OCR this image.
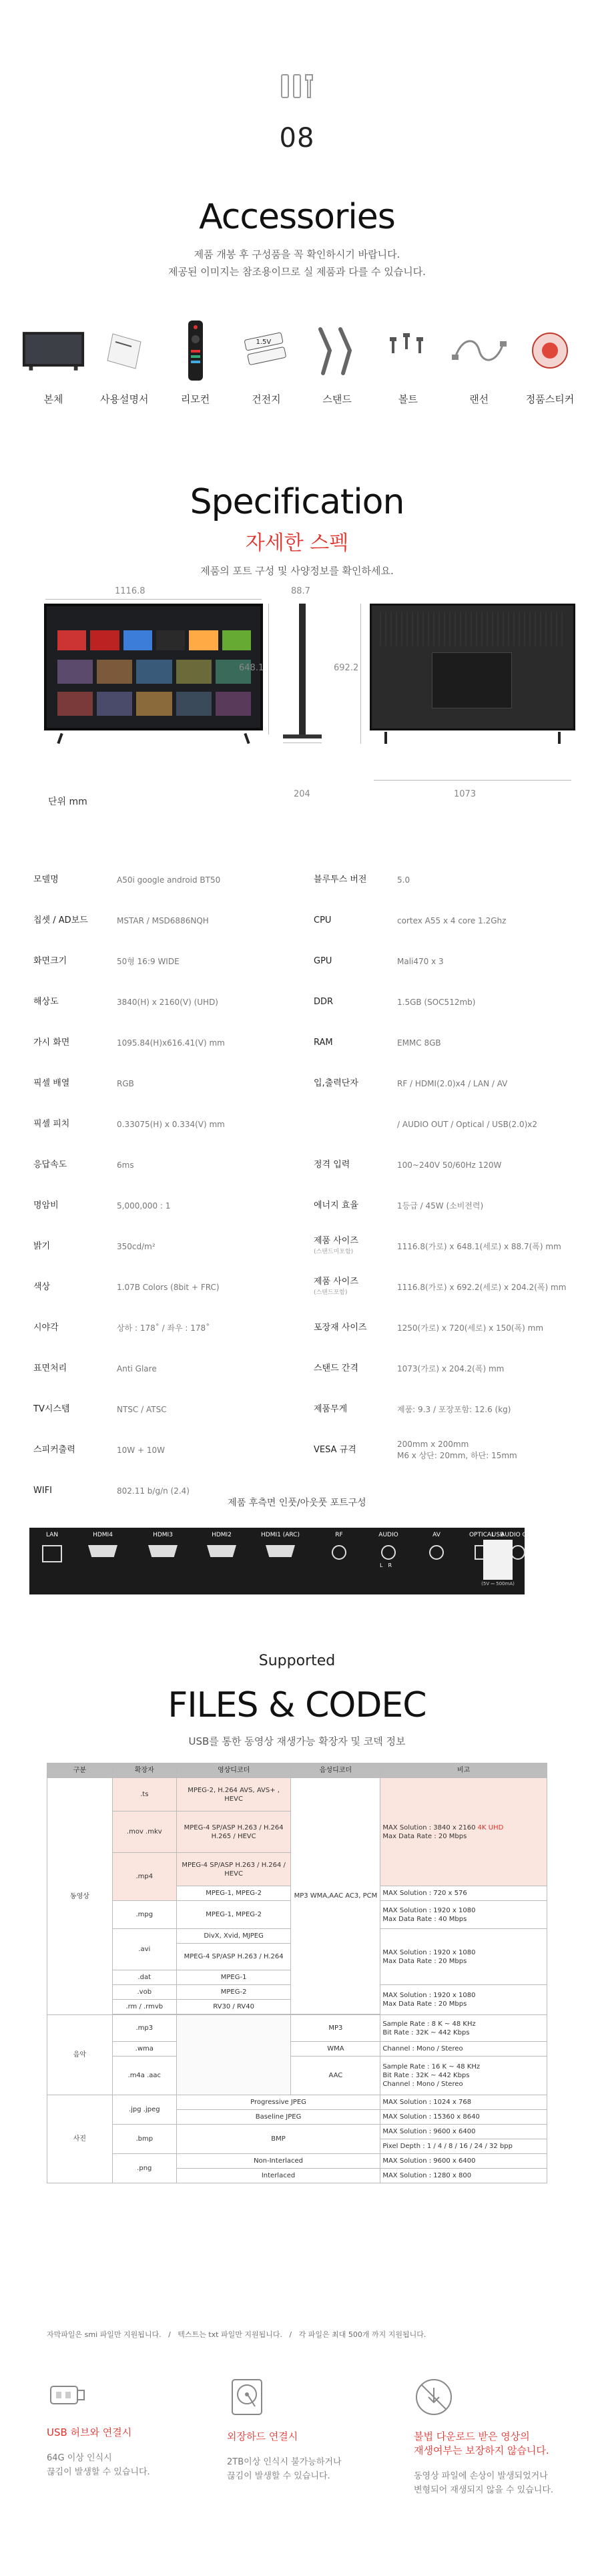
08
Accessories
제품 개봉 후 구성품을 꼭 확인하시기 바랍니다.
제공된 이미지는 참조용이므로 실 제품과 다를 수 있습니다.
본체	사용설명서	리모컨
1.5V
건전지	스탠드	볼트	랜선	정품스티커
Specification
자세한 스펙
제품의 포트 구성 및 사양정보를 확인하세요.
1116.8
648.1
단위 mm
88.7
204
692.2
1073
모델명	A50i google android BT50
칩셋 / AD보드	MSTAR / MSD6886NQH
화면크기	50형 16:9 WIDE
해상도	3840(H) x 2160(V) (UHD)
가시 화면	1095.84(H)x616.41(V) mm
픽셀 배열	RGB
픽셀 피치	0.33075(H) x 0.334(V) mm
응답속도	6ms
명암비	5,000,000 : 1
밝기	350cd/m²
색상	1.07B Colors (8bit + FRC)
시야각	상하 : 178˚ / 좌우 : 178˚
표면처리	Anti Glare
TV시스템	NTSC / ATSC
스피커출력	10W + 10W
WIFI	802.11 b/g/n (2.4)
블루투스 버전	5.0
CPU	cortex A55 x 4 core 1.2Ghz
GPU	Mali470 x 3
DDR	1.5GB (SOC512mb)
RAM	EMMC 8GB
입,출력단자	RF / HDMI(2.0)x4 / LAN / AV
/ AUDIO OUT / Optical / USB(2.0)x2
정격 입력	100~240V 50/60Hz 120W
에너지 효율	1등급 / 45W (소비전력)
제품 사이즈
(스탠드미포함)
1116.8(가로) x 648.1(세로) x 88.7(폭) mm
제품 사이즈
(스탠드포함)
1116.8(가로) x 692.2(세로) x 204.2(폭) mm
포장재 사이즈	1250(가로) x 720(세로) x 150(폭) mm
스탠드 간격	1073(가로) x 204.2(폭) mm
제품무게	제품: 9.3 / 포장포함: 12.6 (kg)
VESA 규격
200mm x 200mm
M6 x 상단: 20mm, 하단: 15mm
제품 후측면 인풋/아웃풋 포트구성
LAN	HDMI4	HDMI3	HDMI2	HDMI1 (ARC)	RF	AUDIO
LR
AV	OPTICAL	AUDIO OUT
USB
(5V ⎓ 500mA)
Supported
FILES & CODEC
USB를 통한 동영상 재생가능 확장자 및 코덱 정보
구분	확장자	영상디코더	음성디코더	비고
동영상	.ts	MPEG-2, H.264 AVS, AVS+ , HEVC	MP3 WMA,AAC AC3, PCM	MAX Solution : 3840 x 2160 4K UHD
Max Data Rate : 20 Mbps

	.mov .mkv	MPEG-4 SP/ASP H.263 / H.264 H.265 / HEVC		
	.mp4	MPEG-4 SP/ASP H.263 / H.264 / HEVC		
		MPEG-1, MPEG-2		MAX Solution : 720 x 576
	.mpg	MPEG-1, MPEG-2		MAX Solution : 1920 x 1080
Max Data Rate : 40 Mbps

	.avi	DivX, Xvid, MJPEG		MAX Solution : 1920 x 1080
Max Data Rate : 20 Mbps

		MPEG-4 SP/ASP H.263 / H.264		
	.dat	MPEG-1		
	.vob	MPEG-2		MAX Solution : 1920 x 1080
Max Data Rate : 20 Mbps

	.rm / .rmvb	RV30 / RV40		

음악	.mp3		MP3	Sample Rate : 8 K ~ 48 KHz
Bit Rate : 32K ~ 442 Kbps

	.wma		WMA	Channel : Mono / Stereo
	.m4a .aac		AAC	Sample Rate : 16 K ~ 48 KHz
Bit Rate : 32K ~ 442 Kbps
Channel : Mono / Stereo

사진	.jpg .jpeg	Progressive JPEG		MAX Solution : 1024 x 768
		Baseline JPEG		MAX Solution : 15360 x 8640
	.bmp	BMP		MAX Solution : 9600 x 6400
				Pixel Depth : 1 / 4 / 8 / 16 / 24 / 32 bpp
	.png	Non-Interlaced		MAX Solution : 9600 x 6400
		Interlaced		MAX Solution : 1280 x 800
자막파일은 smi 파일만 지원됩니다.   /   텍스트는 txt 파일만 지원됩니다.   /   각 파일은 최대 500개 까지 지원됩니다.
USB 허브와 연결시
64G 이상 인식시
끊김이 발생할 수 있습니다.
외장하드 연결시
2TB이상 인식시 불가능하거나
끊김이 발생할 수 있습니다.
불법 다운로드 받은 영상의
재생여부는 보장하지 않습니다.
동영상 파일에 손상이 발생되었거나
변형되어 재생되지 않을 수 있습니다.
